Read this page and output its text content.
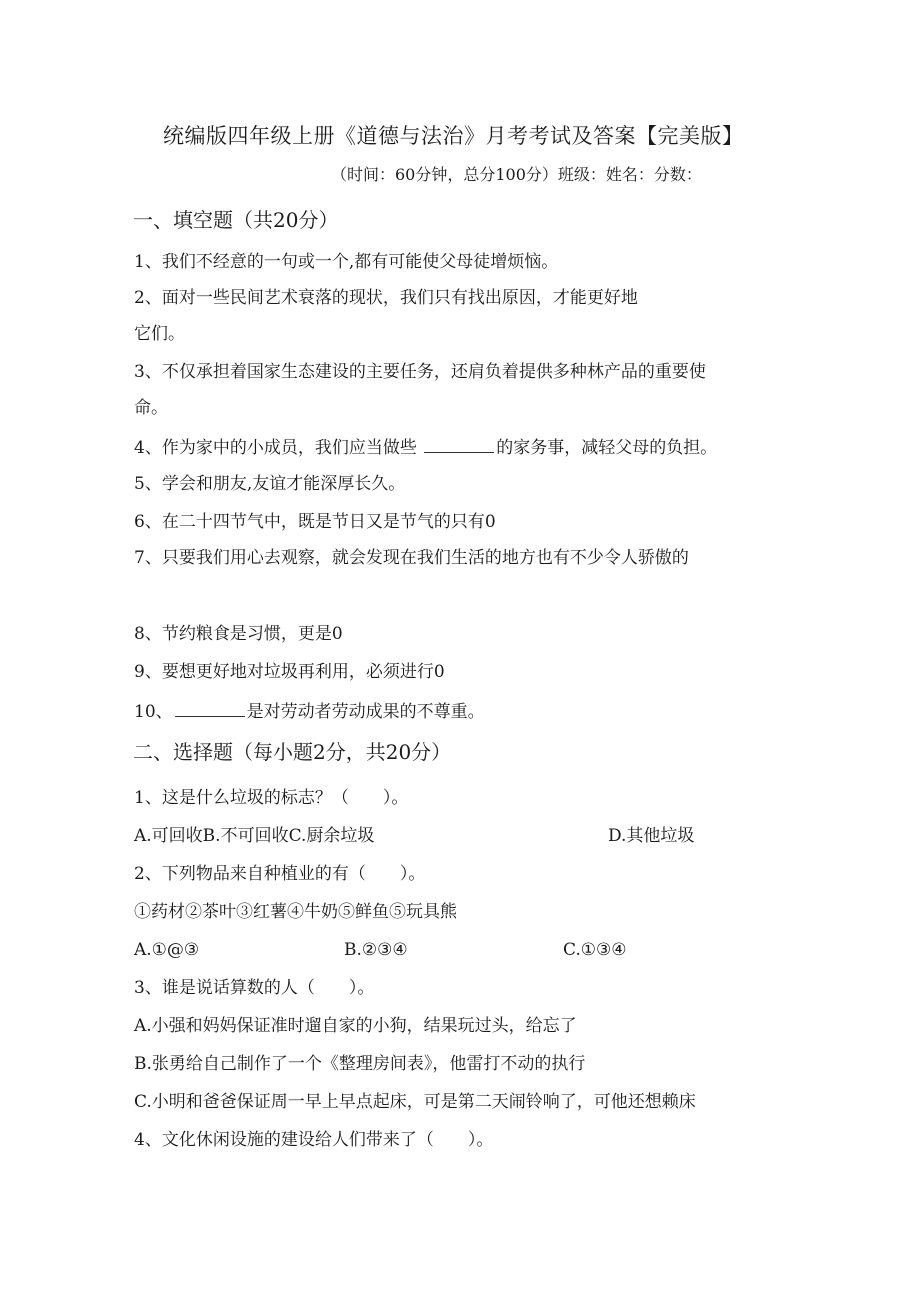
统编版四年级上册《道德与法治》月考考试及答案【完美版】
（时间：60分钟，总分100分）班级：姓名：分数：
一、填空题（共20分）
1、我们不经意的一句或一个,都有可能使父母徒增烦恼。
2、面对一些民间艺术衰落的现状，我们只有找出原因，才能更好地
它们。
3、不仅承担着国家生态建设的主要任务，还肩负着提供多种林产品的重要使
命。
4、作为家中的小成员，我们应当做些	的家务事，减轻父母的负担。
5、学会和朋友,友谊才能深厚长久。
6、在二十四节气中，既是节日又是节气的只有0
7、只要我们用心去观察，就会发现在我们生活的地方也有不少令人骄傲的
8、节约粮食是习惯，更是0
9、要想更好地对垃圾再利用，必须进行0
10、	是对劳动者劳动成果的不尊重。
二、选择题（每小题2分，共20分）
1、这是什么垃圾的标志？（　　）。
A.可回收B.不可回收C.厨余垃圾	D.其他垃圾
2、下列物品来自种植业的有（　　）。
①药材②茶叶③红薯④牛奶⑤鲜鱼⑤玩具熊
A.①@③	B.②③④	C.①③④
3、谁是说话算数的人（　　）。
A.小强和妈妈保证准时遛自家的小狗，结果玩过头，给忘了
B.张勇给自己制作了一个《整理房间表》，他雷打不动的执行
C.小明和爸爸保证周一早上早点起床，可是第二天闹铃响了，可他还想赖床
4、文化休闲设施的建设给人们带来了（　　）。
